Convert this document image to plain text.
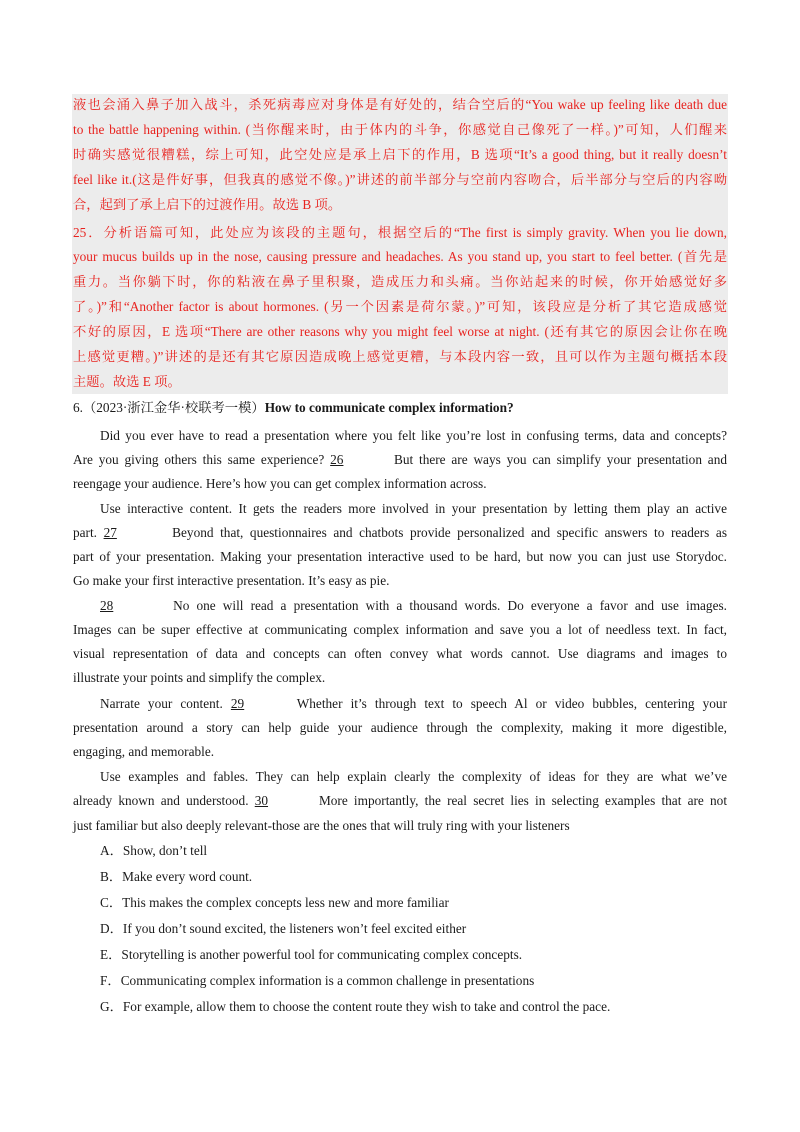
液也会涌入鼻子加入战斗，杀死病毒应对身体是有好处的，结合空后的“You wake up feeling like death due
to the battle happening within. (当你醒来时，由于体内的斗争，你感觉自己像死了一样。)”可知，人们醒来
时确实感觉很糟糕，综上可知，此空处应是承上启下的作用，B 选项“It’s a good thing, but it really doesn’t
feel like it.(这是件好事，但我真的感觉不像。)”讲述的前半部分与空前内容吻合，后半部分与空后的内容呦
合，起到了承上启下的过渡作用。故选 B 项。
25．分析语篇可知，此处应为该段的主题句，根据空后的“The first is simply gravity. When you lie down,
your mucus builds up in the nose, causing pressure and headaches. As you stand up, you start to feel better. (首先是
重力。当你躺下时，你的粘液在鼻子里积聚，造成压力和头痛。当你站起来的时候，你开始感觉好多
了。)”和“Another factor is about hormones. (另一个因素是荷尔蒙。)”可知，该段应是分析了其它造成感觉
不好的原因，E 选项“There are other reasons why you might feel worse at night. (还有其它的原因会让你在晚
上感觉更糟。)”讲述的是还有其它原因造成晚上感觉更糟，与本段内容一致，且可以作为主题句概括本段
主题。故选 E 项。
6.（2023·浙江金华·校联考一模）How to communicate complex information?
Did you ever have to read a presentation where you felt like you’re lost in confusing terms, data and concepts?
Are you giving others this same experience? 26	But there are ways you can simplify your presentation and
reengage your audience. Here’s how you can get complex information across.
Use interactive content. It gets the readers more involved in your presentation by letting them play an active
part. 27	Beyond that, questionnaires and chatbots provide personalized and specific answers to readers as
part of your presentation. Making your presentation interactive used to be hard, but now you can just use Storydoc.
Go make your first interactive presentation. It’s easy as pie.
28	No one will read a presentation with a thousand words. Do everyone a favor and use images.
Images can be super effective at communicating complex information and save you a lot of needless text. In fact,
visual representation of data and concepts can often convey what words cannot. Use diagrams and images to
illustrate your points and simplify the complex.
Narrate your content. 29	Whether it’s through text to speech Al or video bubbles, centering your
presentation around a story can help guide your audience through the complexity, making it more digestible,
engaging, and memorable.
Use examples and fables. They can help explain clearly the complexity of ideas for they are what we’ve
already known and understood. 30	More importantly, the real secret lies in selecting examples that are not
just familiar but also deeply relevant-those are the ones that will truly ring with your listeners
A．Show, don’t tell
B．Make every word count.
C．This makes the complex concepts less new and more familiar
D．If you don’t sound excited, the listeners won’t feel excited either
E．Storytelling is another powerful tool for communicating complex concepts.
F．Communicating complex information is a common challenge in presentations
G．For example, allow them to choose the content route they wish to take and control the pace.
